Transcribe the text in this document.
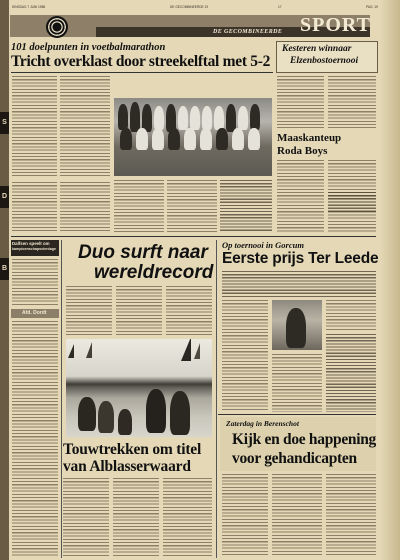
S
D
B
DINSDAG 7 JUNI 1988	DE GECOMBINEERDE 19	17	PAG. 19
SPORT
DE GECOMBINEERDE
101 doelpunten in voetbalmarathon
Tricht overklast door streekelftal met 5-2
Kesteren winnaar
Elzenbostoernooi
Maaskanteup
Roda Boys
Dalfsen speelt om
kampioenschapsvierdage
Afd. Dordt
Duo surft naar
wereldrecord
Touwtrekken om titel
van Alblasserwaard
Op toernooi in Gorcum
Eerste prijs Ter Leede
Zaterdag in Berenschot
Kijk en doe happening
voor gehandicapten
